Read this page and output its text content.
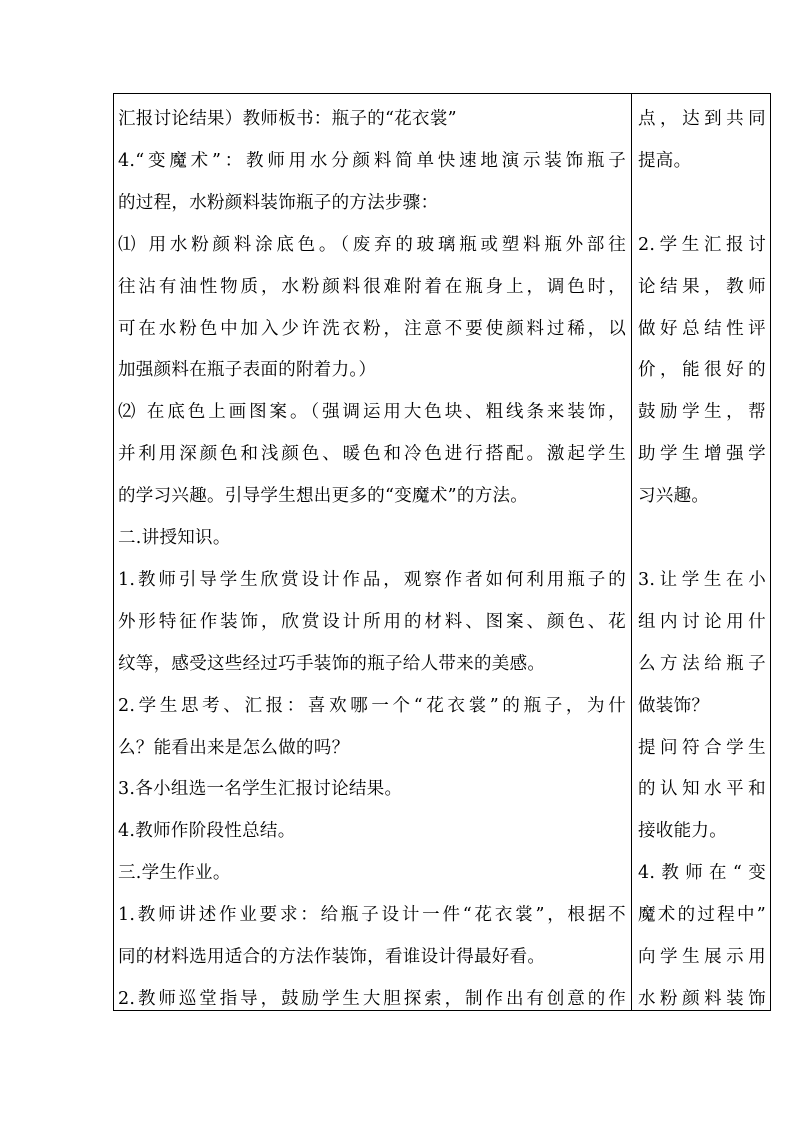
汇报讨论结果）教师板书：瓶子的“花衣裳”
4.“变魔术”：教师用水分颜料简单快速地演示装饰瓶子
的过程，水粉颜料装饰瓶子的方法步骤：
⑴ 用水粉颜料涂底色。（废弃的玻璃瓶或塑料瓶外部往
往沾有油性物质，水粉颜料很难附着在瓶身上，调色时，
可在水粉色中加入少许洗衣粉，注意不要使颜料过稀，以
加强颜料在瓶子表面的附着力。）
⑵ 在底色上画图案。（强调运用大色块、粗线条来装饰，
并利用深颜色和浅颜色、暖色和冷色进行搭配。激起学生
的学习兴趣。引导学生想出更多的“变魔术”的方法。
二.讲授知识。
1.教师引导学生欣赏设计作品，观察作者如何利用瓶子的
外形特征作装饰，欣赏设计所用的材料、图案、颜色、花
纹等，感受这些经过巧手装饰的瓶子给人带来的美感。
2.学生思考、汇报：喜欢哪一个“花衣裳”的瓶子，为什
么？能看出来是怎么做的吗？
3.各小组选一名学生汇报讨论结果。
4.教师作阶段性总结。
三.学生作业。
1.教师讲述作业要求：给瓶子设计一件“花衣裳”，根据不
同的材料选用适合的方法作装饰，看谁设计得最好看。
2.教师巡堂指导，鼓励学生大胆探索，制作出有创意的作
点，达到共同
提高。
2.学生汇报讨
论结果，教师
做好总结性评
价，能很好的
鼓励学生，帮
助学生增强学
习兴趣。
3.让学生在小
组内讨论用什
么方法给瓶子
做装饰？
提问符合学生
的认知水平和
接收能力。
4.教师在“变
魔术的过程中”
向学生展示用
水粉颜料装饰
